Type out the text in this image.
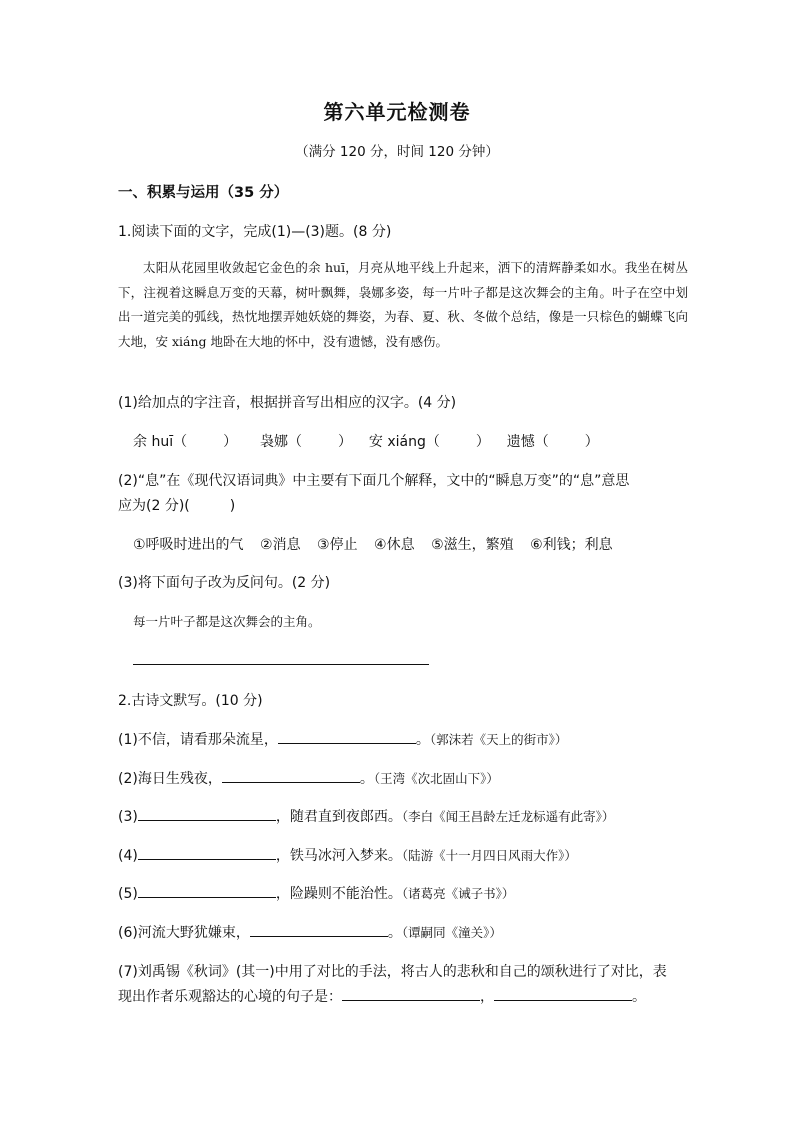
第六单元检测卷
（满分 120 分，时间 120 分钟）
一、积累与运用（35 分）
1.阅读下面的文字，完成(1)—(3)题。(8 分)
太阳从花园里收敛起它金色的余 huī，月亮从地平线上升起来，洒下的清辉静柔如水。我坐在树丛下，注视着这瞬息万变的天幕，树叶飘舞，袅娜多姿，每一片叶子都是这次舞会的主角。叶子在空中划出一道完美的弧线，热忱地摆弄她妖娆的舞姿，为春、夏、秋、冬做个总结，像是一只棕色的蝴蝶飞向大地，安 xiáng 地卧在大地的怀中，没有遗憾，没有感伤。
(1)给加点的字注音，根据拼音写出相应的汉字。(4 分)
余 huī（	） 袅娜（	） 安 xiáng（	） 遗憾（	）
(2)“息”在《现代汉语词典》中主要有下面几个解释，文中的“瞬息万变”的“息”意思
应为(2 分)(	)
①呼吸时进出的气 ②消息 ③停止 ④休息 ⑤滋生，繁殖 ⑥利钱；利息
(3)将下面句子改为反问句。(2 分)
每一片叶子都是这次舞会的主角。
2.古诗文默写。(10 分)
(1)不信，请看那朵流星，	。（郭沫若《天上的街市》）
(2)海日生残夜，	。（王湾《次北固山下》）
(3)	，随君直到夜郎西。（李白《闻王昌龄左迁龙标遥有此寄》）
(4)	，铁马冰河入梦来。（陆游《十一月四日风雨大作》）
(5)	，险躁则不能治性。（诸葛亮《诫子书》）
(6)河流大野犹嫌束，	。（谭嗣同《潼关》）
(7)刘禹锡《秋词》(其一)中用了对比的手法，将古人的悲秋和自己的颂秋进行了对比，表
现出作者乐观豁达的心境的句子是：	，	。
